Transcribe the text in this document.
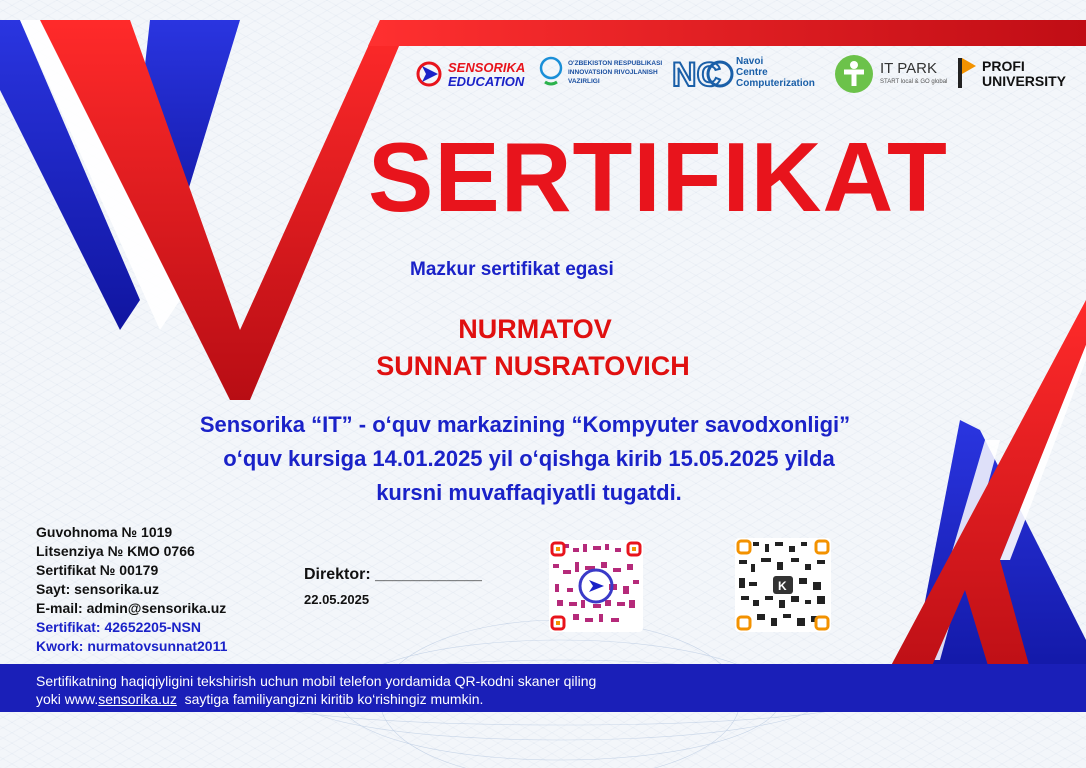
SENSORIKA
EDUCATION
O'ZBEKISTON RESPUBLIKASI
INNOVATSION RIVOJLANISH
VAZIRLIGI NC Navoi
Centre
Computerization
IT PARK
START local & GO global
PROFI
UNIVERSITY
SERTIFIKAT
Mazkur sertifikat egasi
NURMATOV
SUNNAT NUSRATOVICH
Sensorika “IT” - o‘quv markazining “Kompyuter savodxonligi”
o‘quv kursiga 14.01.2025 yil o‘qishga kirib 15.05.2025 yilda
kursni muvaffaqiyatli tugatdi.
Guvohnoma № 1019
Litsenziya № KMO 0766
Sertifikat № 00179
Sayt: sensorika.uz
E-mail: admin@sensorika.uz
Sertifikat: 42652205-NSN
Kwork: nurmatovsunnat2011
Direktor: ____________
22.05.2025
K
Sertifikatning haqiqiyligini tekshirish uchun mobil telefon yordamida QR-kodni skaner qiling
yoki www.sensorika.uz  saytiga familiyangizni kiritib ko‘rishingiz mumkin.
